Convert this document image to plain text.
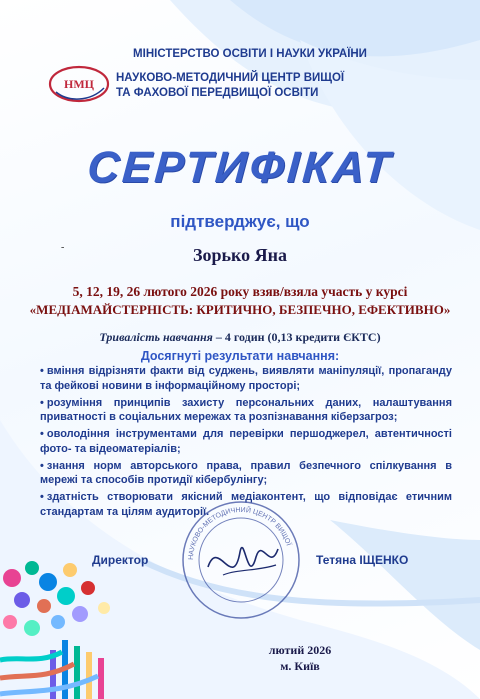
НМЦ

МІНІСТЕРСТВО ОСВІТИ І НАУКИ УКРАЇНИ

НАУКОВО-МЕТОДИЧНИЙ ЦЕНТР ВИЩОЇ
ТА ФАХОВОЇ ПЕРЕДВИЩОЇ ОСВІТИ

СЕРТИФІКАТ

підтверджує, що

-	Зорько Яна

5, 12, 19, 26 лютого 2026 року взяв/взяла участь у курсі

«МЕДІАМАЙСТЕРНІСТЬ: КРИТИЧНО, БЕЗПЕЧНО, ЕФЕКТИВНО»

Тривалість навчання – 4 годин (0,13 кредити ЄКТС)

Досягнуті результати навчання:

• вміння відрізняти факти від суджень, виявляти маніпуляції, пропаганду та фейкові новини в інформаційному просторі;
• розуміння принципів захисту персональних даних, налаштування приватності в соціальних мережах та розпізнавання кіберзагроз;
• оволодіння інструментами для перевірки першоджерел, автентичності фото- та відеоматеріалів;
• знання норм авторського права, правил безпечного спілкування в мережі та способів протидії кібербулінгу;
• здатність створювати якісний медіаконтент, що відповідає етичним стандартам та цілям аудиторії.
НАУКОВО-МЕТОДИЧНИЙ ЦЕНТР ВИЩОЇ
Директор	Тетяна ІЩЕНКО

лютий 2026

м. Київ
